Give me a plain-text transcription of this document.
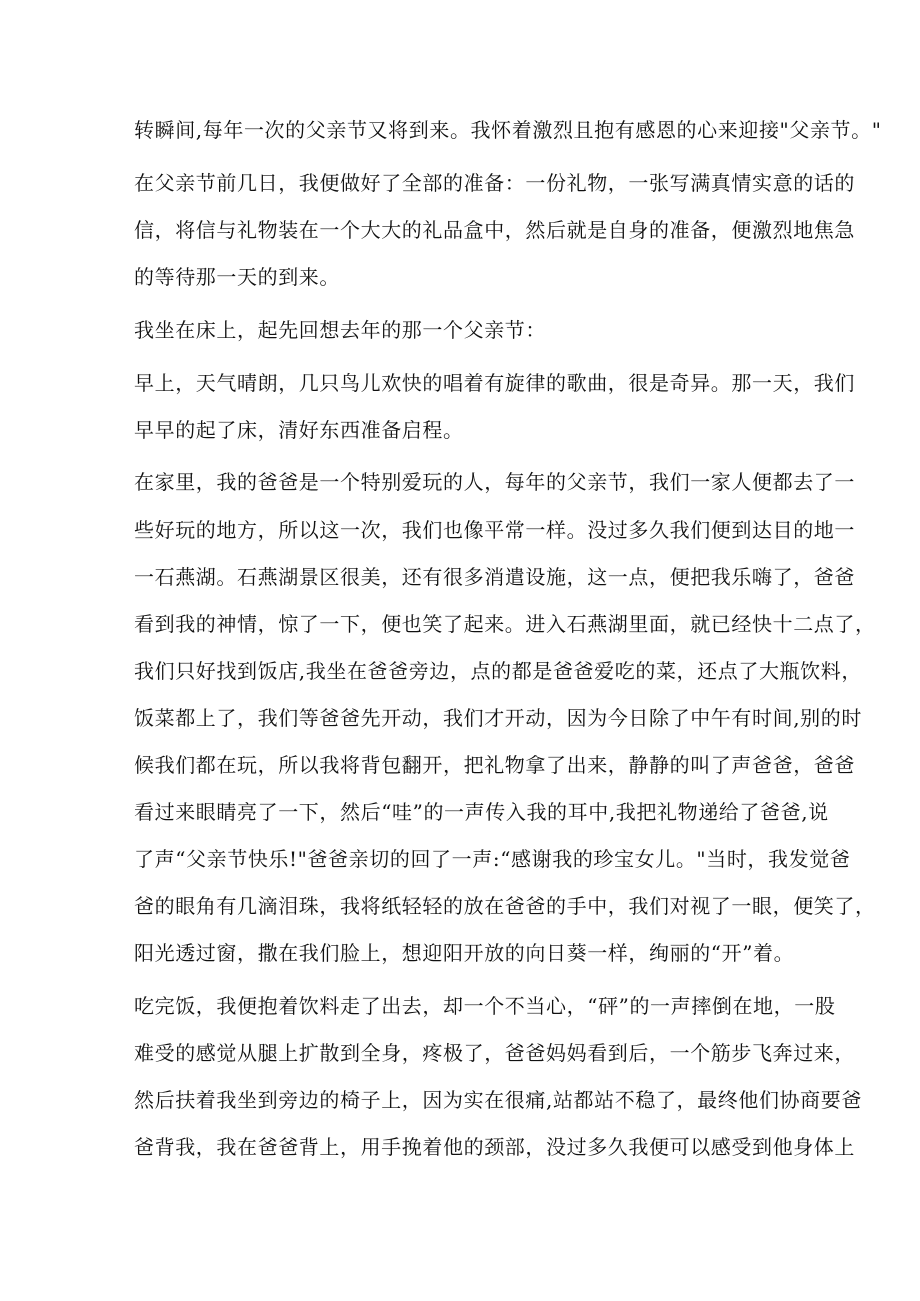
转瞬间,每年一次的父亲节又将到来。我怀着激烈且抱有感恩的心来迎接"父亲节。"
在父亲节前几日，我便做好了全部的准备：一份礼物，一张写满真情实意的话的
信，将信与礼物装在一个大大的礼品盒中，然后就是自身的准备，便激烈地焦急
的等待那一天的到来。
我坐在床上，起先回想去年的那一个父亲节：
早上，天气晴朗，几只鸟儿欢快的唱着有旋律的歌曲，很是奇异。那一天，我们
早早的起了床，清好东西准备启程。
在家里，我的爸爸是一个特别爱玩的人，每年的父亲节，我们一家人便都去了一
些好玩的地方，所以这一次，我们也像平常一样。没过多久我们便到达目的地一
一石燕湖。石燕湖景区很美，还有很多消遣设施，这一点，便把我乐嗨了，爸爸
看到我的神情，惊了一下，便也笑了起来。进入石燕湖里面，就已经快十二点了，
我们只好找到饭店,我坐在爸爸旁边，点的都是爸爸爱吃的菜，还点了大瓶饮料，
饭菜都上了，我们等爸爸先开动，我们才开动，因为今日除了中午有时间,别的时
候我们都在玩，所以我将背包翻开，把礼物拿了出来，静静的叫了声爸爸，爸爸
看过来眼睛亮了一下，然后“哇”的一声传入我的耳中,我把礼物递给了爸爸,说
了声“父亲节快乐!"爸爸亲切的回了一声:“感谢我的珍宝女儿。"当时，我发觉爸
爸的眼角有几滴泪珠，我将纸轻轻的放在爸爸的手中，我们对视了一眼，便笑了，
阳光透过窗，撒在我们脸上，想迎阳开放的向日葵一样，绚丽的“开”着。
吃完饭，我便抱着饮料走了出去，却一个不当心，“砰”的一声摔倒在地，一股
难受的感觉从腿上扩散到全身，疼极了，爸爸妈妈看到后，一个筋步飞奔过来，
然后扶着我坐到旁边的椅子上，因为实在很痛,站都站不稳了，最终他们协商要爸
爸背我，我在爸爸背上，用手挽着他的颈部，没过多久我便可以感受到他身体上
